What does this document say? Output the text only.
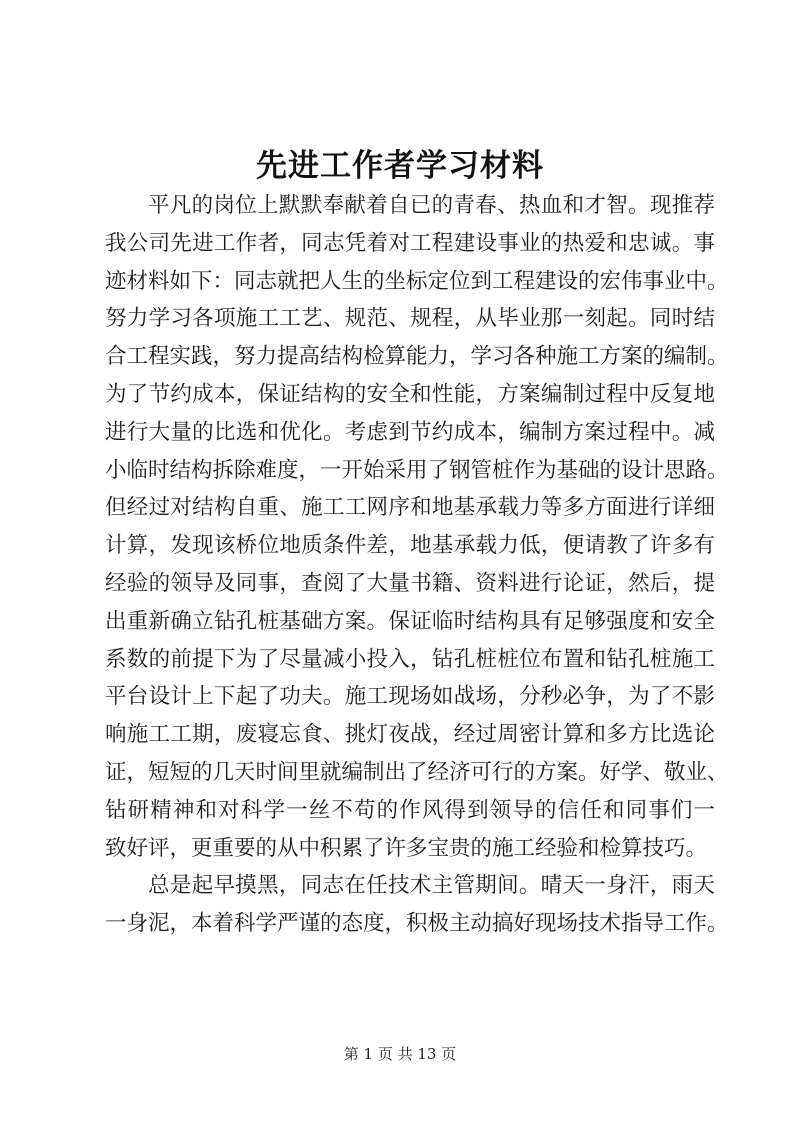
先进工作者学习材料
平凡的岗位上默默奉献着自已的青春、热血和才智。现推荐
我公司先进工作者，同志凭着对工程建设事业的热爱和忠诚。事
迹材料如下：同志就把人生的坐标定位到工程建设的宏伟事业中。
努力学习各项施工工艺、规范、规程，从毕业那一刻起。同时结
合工程实践，努力提高结构检算能力，学习各种施工方案的编制。
为了节约成本，保证结构的安全和性能，方案编制过程中反复地
进行大量的比选和优化。考虑到节约成本，编制方案过程中。减
小临时结构拆除难度，一开始采用了钢管桩作为基础的设计思路。
但经过对结构自重、施工工网序和地基承载力等多方面进行详细
计算，发现该桥位地质条件差，地基承载力低，便请教了许多有
经验的领导及同事，查阅了大量书籍、资料进行论证，然后，提
出重新确立钻孔桩基础方案。保证临时结构具有足够强度和安全
系数的前提下为了尽量减小投入，钻孔桩桩位布置和钻孔桩施工
平台设计上下起了功夫。施工现场如战场，分秒必争，为了不影
响施工工期，废寝忘食、挑灯夜战，经过周密计算和多方比选论
证，短短的几天时间里就编制出了经济可行的方案。好学、敬业、
钻研精神和对科学一丝不苟的作风得到领导的信任和同事们一
致好评，更重要的从中积累了许多宝贵的施工经验和检算技巧。
总是起早摸黑，同志在任技术主管期间。晴天一身汗，雨天
一身泥，本着科学严谨的态度，积极主动搞好现场技术指导工作。
第 1 页 共 13 页
